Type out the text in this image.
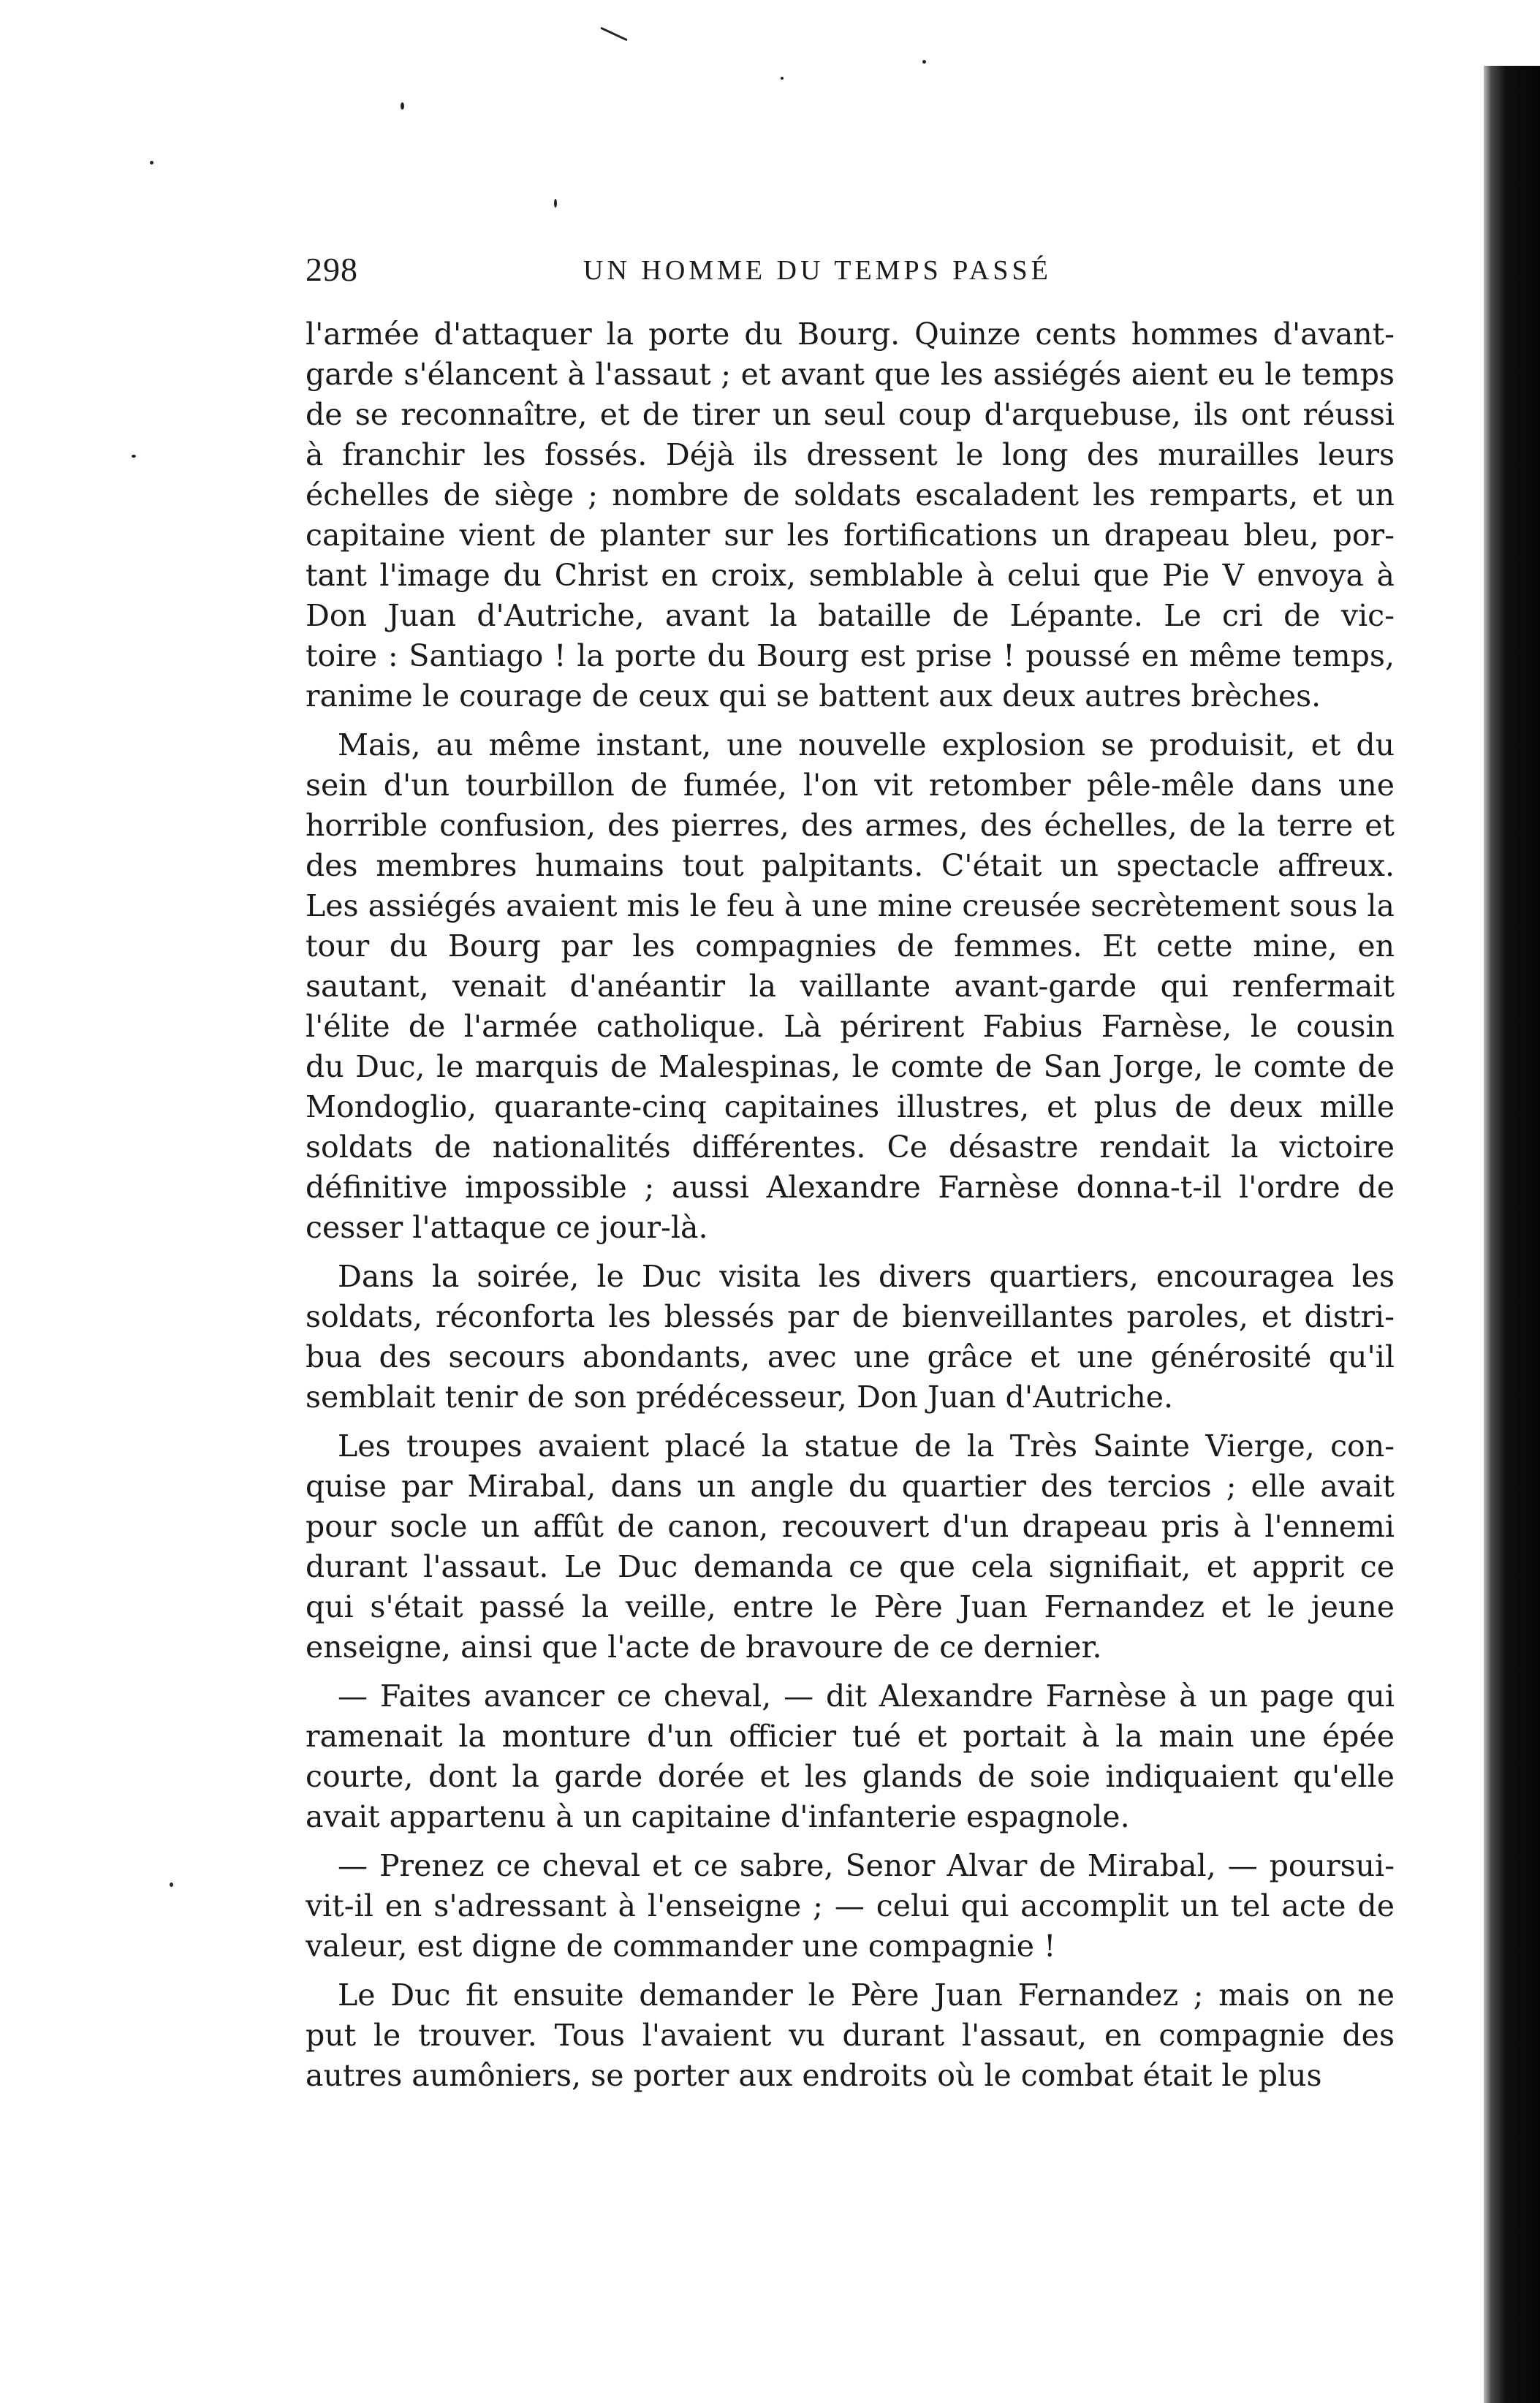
298	UN HOMME DU TEMPS PASSÉ
l'armée d'attaquer la porte du Bourg. Quinze cents hommes d'avant-
garde s'élancent à l'assaut ; et avant que les assiégés aient eu le temps
de se reconnaître, et de tirer un seul coup d'arquebuse, ils ont réussi
à franchir les fossés. Déjà ils dressent le long des murailles leurs
échelles de siège ; nombre de soldats escaladent les remparts, et un
capitaine vient de planter sur les fortifications un drapeau bleu, por-
tant l'image du Christ en croix, semblable à celui que Pie V envoya à
Don Juan d'Autriche, avant la bataille de Lépante. Le cri de vic-
toire : Santiago ! la porte du Bourg est prise ! poussé en même temps,
ranime le courage de ceux qui se battent aux deux autres brèches.
Mais, au même instant, une nouvelle explosion se produisit, et du
sein d'un tourbillon de fumée, l'on vit retomber pêle-mêle dans une
horrible confusion, des pierres, des armes, des échelles, de la terre et
des membres humains tout palpitants. C'était un spectacle affreux.
Les assiégés avaient mis le feu à une mine creusée secrètement sous la
tour du Bourg par les compagnies de femmes. Et cette mine, en
sautant, venait d'anéantir la vaillante avant-garde qui renfermait
l'élite de l'armée catholique. Là périrent Fabius Farnèse, le cousin
du Duc, le marquis de Malespinas, le comte de San Jorge, le comte de
Mondoglio, quarante-cinq capitaines illustres, et plus de deux mille
soldats de nationalités différentes. Ce désastre rendait la victoire
définitive impossible ; aussi Alexandre Farnèse donna-t-il l'ordre de
cesser l'attaque ce jour-là.
Dans la soirée, le Duc visita les divers quartiers, encouragea les
soldats, réconforta les blessés par de bienveillantes paroles, et distri-
bua des secours abondants, avec une grâce et une générosité qu'il
semblait tenir de son prédécesseur, Don Juan d'Autriche.
Les troupes avaient placé la statue de la Très Sainte Vierge, con-
quise par Mirabal, dans un angle du quartier des tercios ; elle avait
pour socle un affût de canon, recouvert d'un drapeau pris à l'ennemi
durant l'assaut. Le Duc demanda ce que cela signifiait, et apprit ce
qui s'était passé la veille, entre le Père Juan Fernandez et le jeune
enseigne, ainsi que l'acte de bravoure de ce dernier.
— Faites avancer ce cheval, — dit Alexandre Farnèse à un page qui
ramenait la monture d'un officier tué et portait à la main une épée
courte, dont la garde dorée et les glands de soie indiquaient qu'elle
avait appartenu à un capitaine d'infanterie espagnole.
— Prenez ce cheval et ce sabre, Senor Alvar de Mirabal, — poursui-
vit-il en s'adressant à l'enseigne ; — celui qui accomplit un tel acte de
valeur, est digne de commander une compagnie !
Le Duc fit ensuite demander le Père Juan Fernandez ; mais on ne
put le trouver. Tous l'avaient vu durant l'assaut, en compagnie des
autres aumôniers, se porter aux endroits où le combat était le plus
